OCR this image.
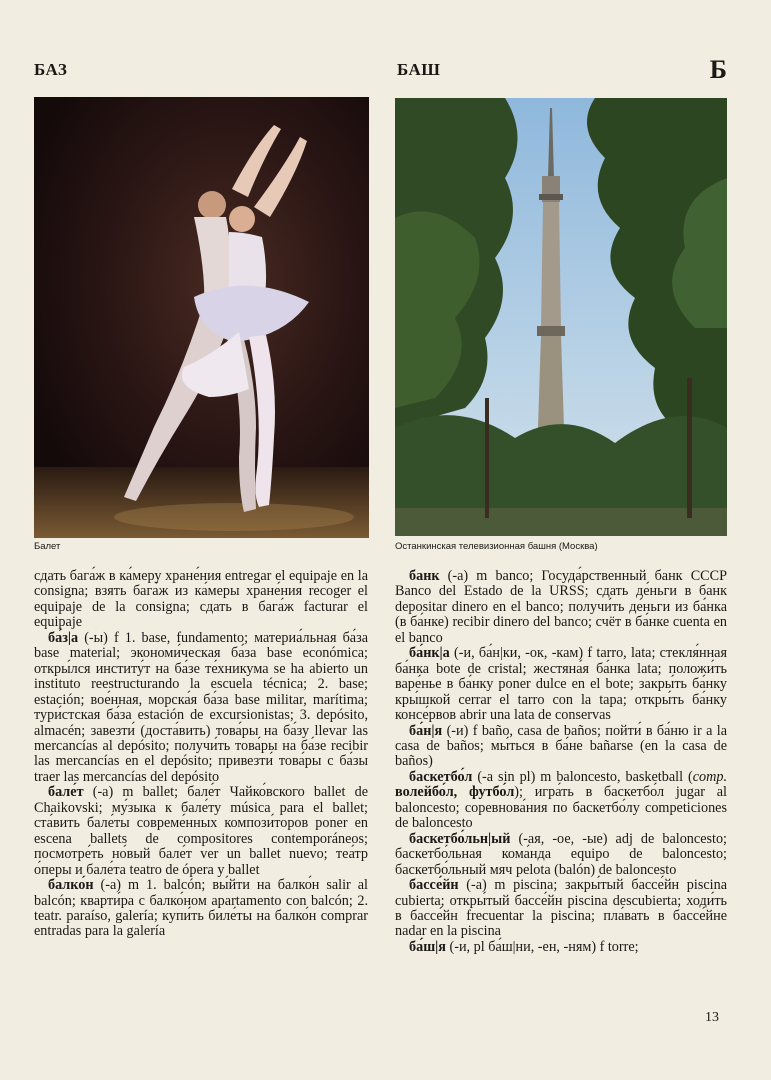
БАЗ	БАШ	Б
Балет	Останкинская телевизионная башня (Москва)

сдать бага́ж в ка́меру хране́ния entregar el equipaje en la consigna; взять бага́ж из ка́меры хране́ния recoger el equipaje de la consigna; сдать в бага́ж facturar el equipaje

ба́з|а (-ы) f 1. base, fundamento; материа́льная ба́за base material; экономи́ческая ба́за base económica; откры́лся институ́т на ба́зе те́хникума se ha abierto un instituto reestructurando la escuela técnica; 2. base; estación; вое́нная, морска́я ба́за base militar, marítima; тури́стская ба́за estación de excursionistas; 3. depósito, almacén; завезти́ (доста́вить) това́ры на ба́зу llevar las mercancías al depósito; получи́ть това́ры на ба́зе recibir las mercancías en el depósito; привезти́ това́ры с ба́зы traer las mercancías del depósito

бале́т (-а) m ballet; бале́т Чайко́вского ballet de Chaikovski; му́зыка к бале́ту música para el ballet; ста́вить бале́ты совреме́нных компози́торов poner en escena ballets de compositores contemporáneos; посмотре́ть но́вый бале́т ver un ballet nuevo; теа́тр о́перы и бале́та teatro de ópera y ballet

балко́н (-а) m 1. balcón; вы́йти на балко́н salir al balcón; кварти́ра с балко́ном apartamento con balcón; 2. teatr. paraíso, galería; купи́ть биле́ты на балко́н comprar entradas para la galería

банк (-а) m banco; Госуда́рственный банк СССР Banco del Estado de la URSS; сдать де́ньги в банк depositar dinero en el banco; получи́ть де́ньги из ба́нка (в ба́нке) recibir dinero del banco; счёт в ба́нке cuenta en el banco

ба́нк|а (-и, ба́н|ки, -ок, -кам) f tarro, lata; стекля́нная ба́нка bote de cristal; жестяна́я ба́нка lata; положи́ть варе́нье в ба́нку poner dulce en el bote; закры́ть ба́нку кры́шкой cerrar el tarro con la tapa; откры́ть ба́нку консе́рвов abrir una lata de conservas

ба́н|я (-и) f baño, casa de baños; пойти́ в ба́ню ir a la casa de baños; мы́ться в ба́не bañarse (en la casa de baños)

баскетбо́л (-а sin pl) m baloncesto, basketball (comp. волейбо́л, футбо́л); игра́ть в баскетбо́л jugar al baloncesto; соревнова́ния по баскетбо́лу competiciones de baloncesto

баскетбо́льн|ый (-ая, -ое, -ые) adj de baloncesto; баскетбо́льная кома́нда equipo de baloncesto; баскетбо́льный мяч pelota (balón) de baloncesto

бассе́йн (-а) m piscina; закры́тый бассе́йн piscina cubierta; откры́тый бассе́йн piscina descubierta; ходи́ть в бассе́йн frecuentar la piscina; пла́вать в бассе́йне nadar en la piscina

ба́ш|я (-и, pl ба́ш|ни, -ен, -ням) f torre;

13
